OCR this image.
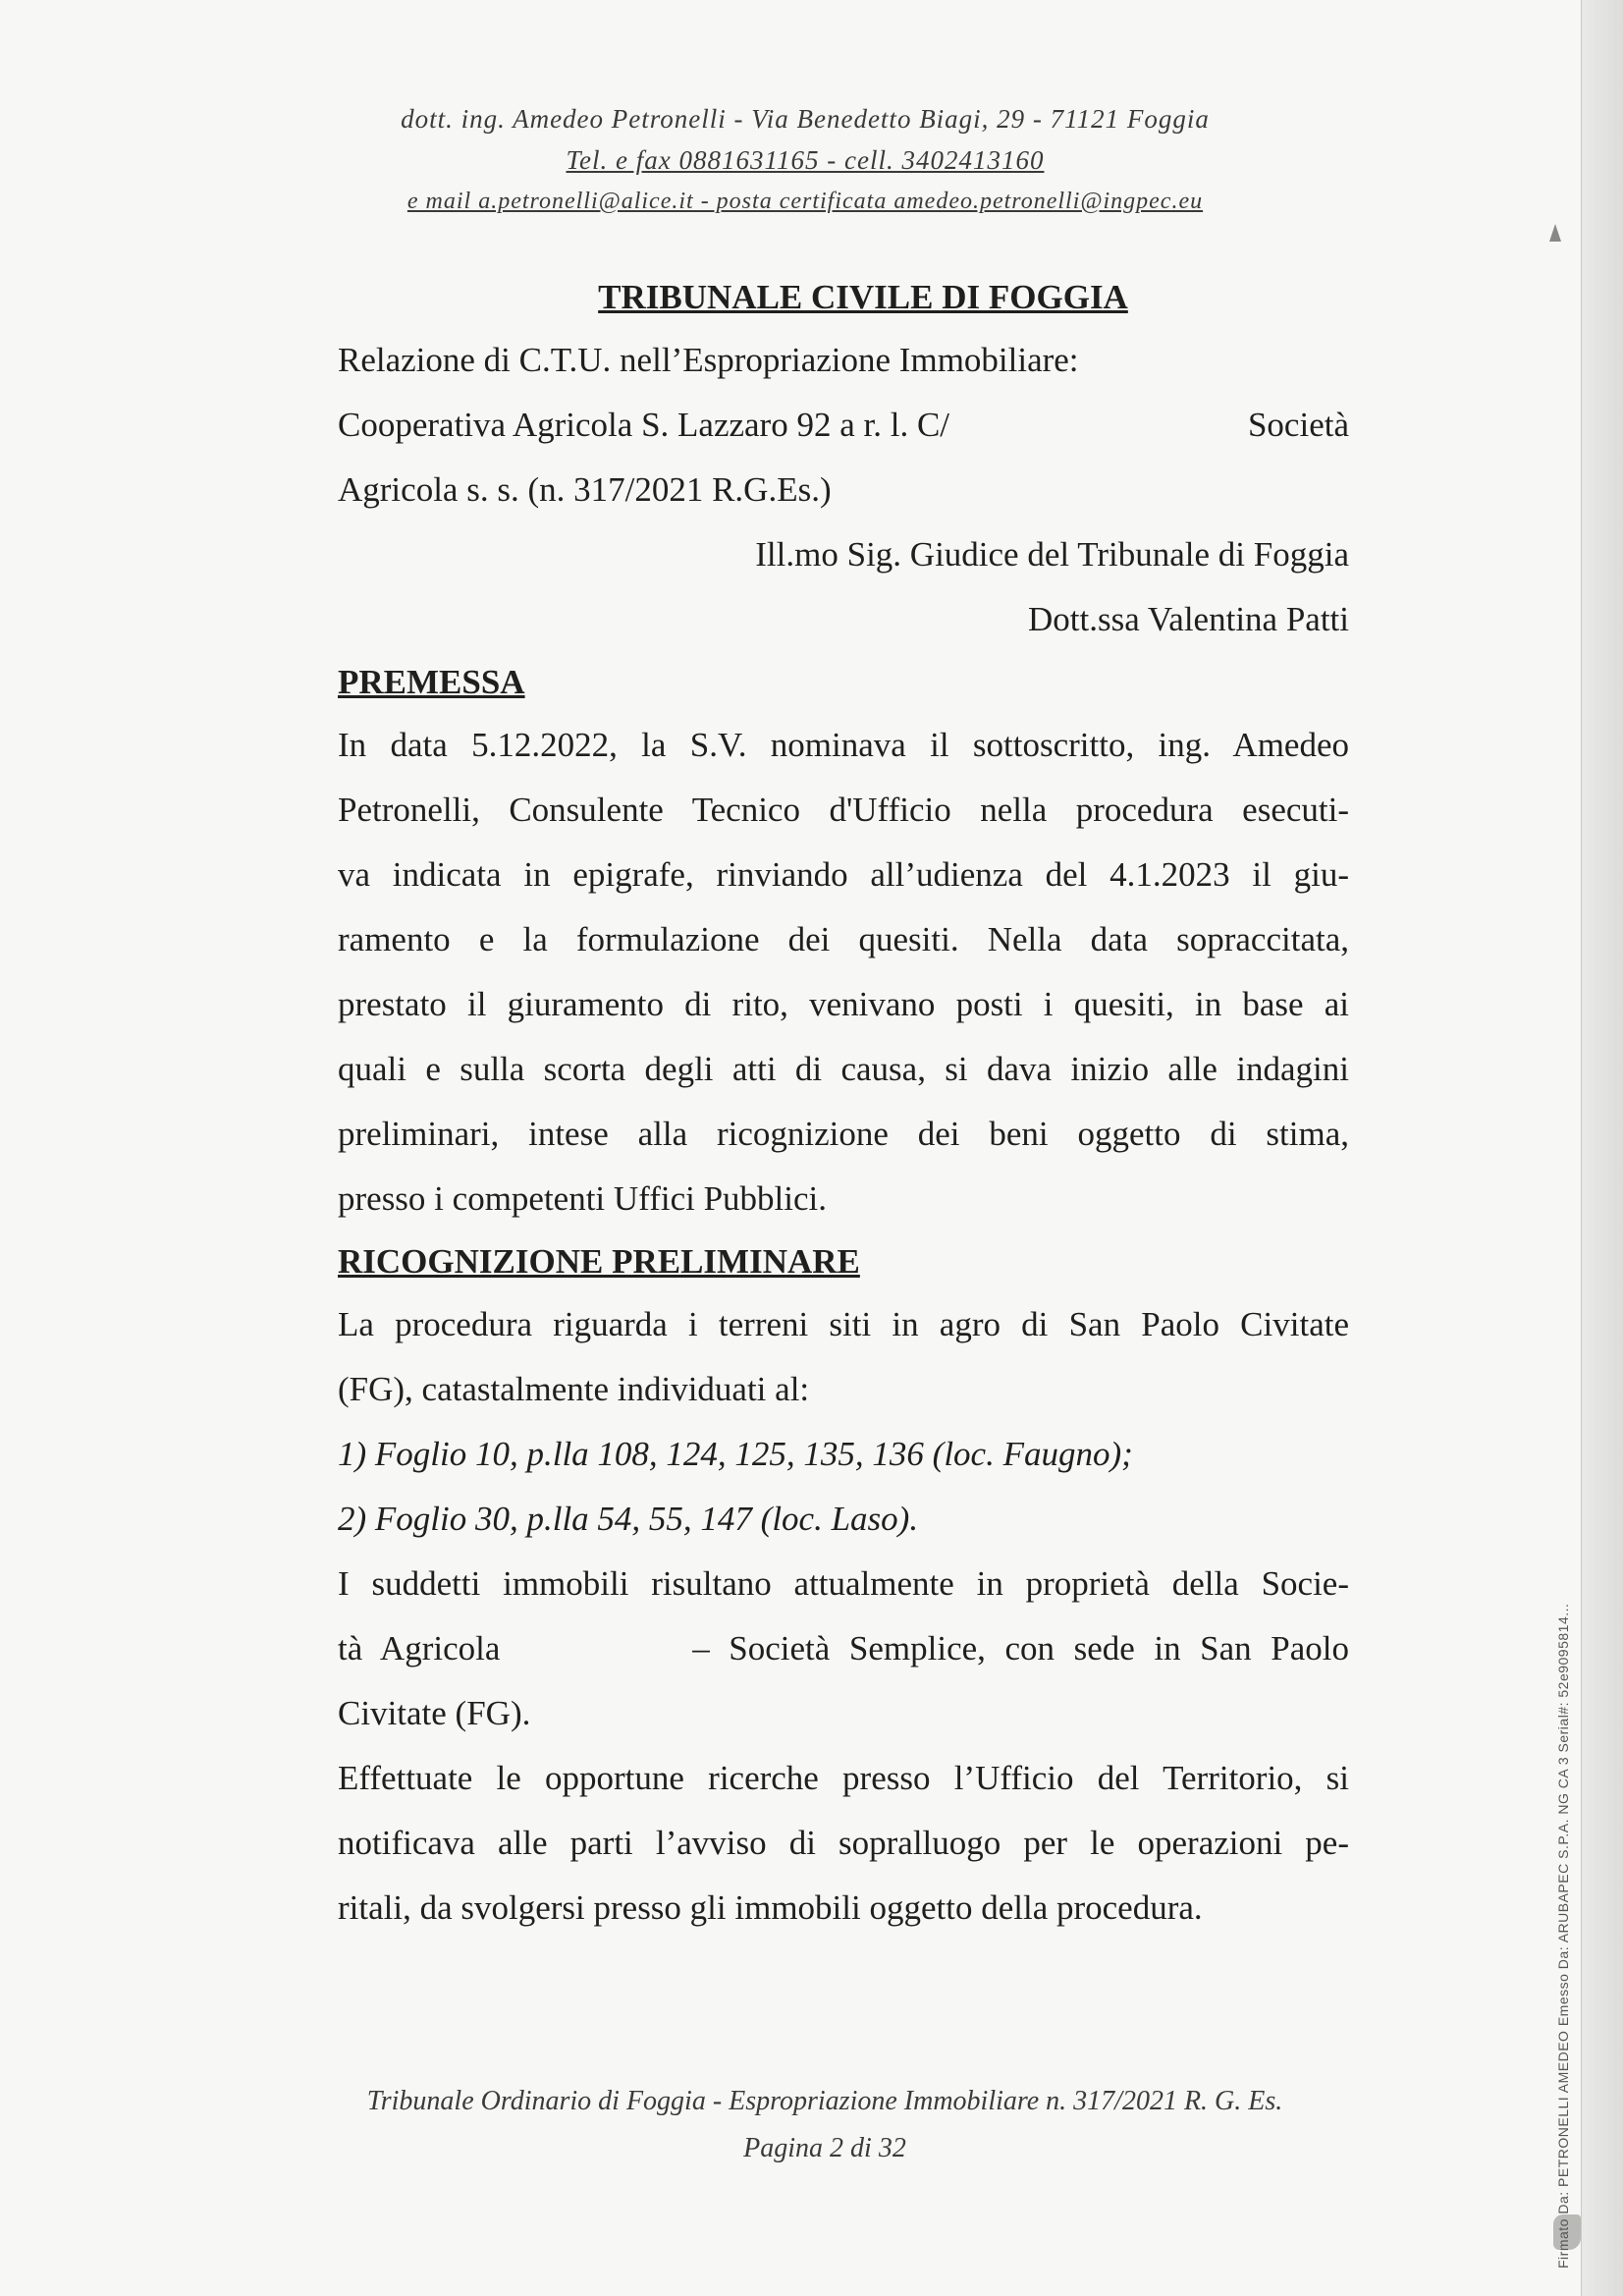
dott. ing. Amedeo Petronelli - Via Benedetto Biagi, 29 - 71121 Foggia
Tel. e fax 0881631165 - cell. 3402413160
e mail a.petronelli@alice.it - posta certificata amedeo.petronelli@ingpec.eu
TRIBUNALE CIVILE DI FOGGIA

Relazione di C.T.U. nell’Espropriazione Immobiliare:

Cooperativa Agricola S. Lazzaro 92 a r. l. C/	Società

Agricola s. s. (n. 317/2021 R.G.Es.)

Ill.mo Sig. Giudice del Tribunale di Foggia

Dott.ssa Valentina Patti

PREMESSA

In data 5.12.2022, la S.V. nominava il sottoscritto, ing. Amedeo

Petronelli, Consulente Tecnico d'Ufficio nella procedura esecuti-

va indicata in epigrafe, rinviando all’udienza del 4.1.2023 il giu-

ramento e la formulazione dei quesiti. Nella data sopraccitata,

prestato il giuramento di rito, venivano posti i quesiti, in base ai

quali e sulla scorta degli atti di causa, si dava inizio alle indagini

preliminari, intese alla ricognizione dei beni oggetto di stima,

presso i competenti Uffici Pubblici.

RICOGNIZIONE PRELIMINARE

La procedura riguarda i terreni siti in agro di San Paolo Civitate

(FG), catastalmente individuati al:

1) Foglio 10, p.lla 108, 124, 125, 135, 136 (loc. Faugno);

2) Foglio 30, p.lla 54, 55, 147 (loc. Laso).

I suddetti immobili risultano attualmente in proprietà della Socie-

tà Agricola          – Società Semplice, con sede in San Paolo

Civitate (FG).

Effettuate le opportune ricerche presso l’Ufficio del Territorio, si

notificava alle parti l’avviso di sopralluogo per le operazioni pe-

ritali, da svolgersi presso gli immobili oggetto della procedura.

Tribunale Ordinario di Foggia - Espropriazione Immobiliare n. 317/2021 R. G. Es.
Pagina 2 di 32	Firmato Da: PETRONELLI AMEDEO Emesso Da: ARUBAPEC S.P.A. NG CA 3 Serial#: 52e9095814...
